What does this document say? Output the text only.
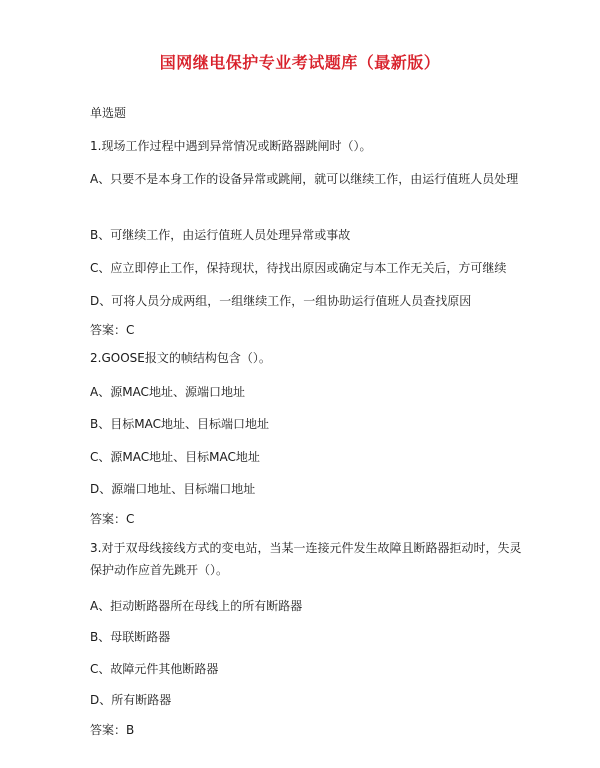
国网继电保护专业考试题库（最新版）
单选题
1.现场工作过程中遇到异常情况或断路器跳闸时（）。
A、只要不是本身工作的设备异常或跳闸，就可以继续工作，由运行值班人员处理
B、可继续工作，由运行值班人员处理异常或事故
C、应立即停止工作，保持现状，待找出原因或确定与本工作无关后，方可继续
D、可将人员分成两组，一组继续工作，一组协助运行值班人员查找原因
答案：C
2.GOOSE报文的帧结构包含（）。
A、源MAC地址、源端口地址
B、目标MAC地址、目标端口地址
C、源MAC地址、目标MAC地址
D、源端口地址、目标端口地址
答案：C
3.对于双母线接线方式的变电站，当某一连接元件发生故障且断路器拒动时，失灵保护动作应首先跳开（）。
A、拒动断路器所在母线上的所有断路器
B、母联断路器
C、故障元件其他断路器
D、所有断路器
答案：B
